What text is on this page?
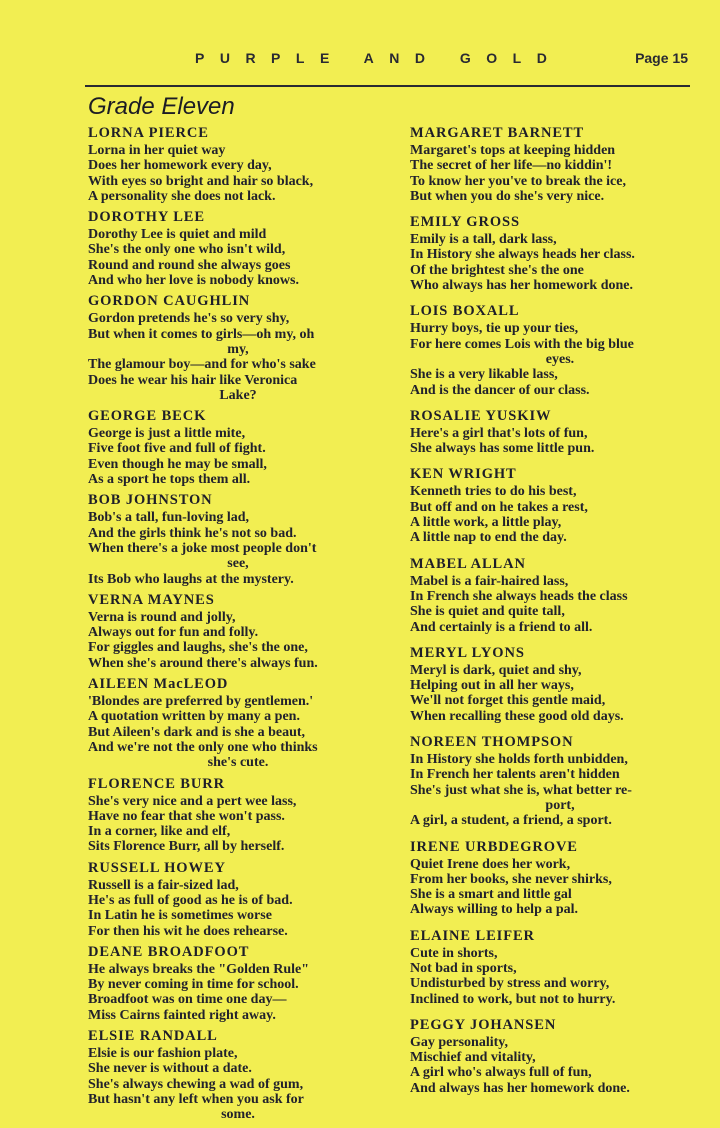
PURPLE AND GOLD	Page 15
Grade Eleven
LORNA PIERCE
Lorna in her quiet way
Does her homework every day,
With eyes so bright and hair so black,
A personality she does not lack.
DOROTHY LEE
Dorothy Lee is quiet and mild
She's the only one who isn't wild,
Round and round she always goes
And who her love is nobody knows.
GORDON CAUGHLIN
Gordon pretends he's so very shy,
But when it comes to girls—oh my, oh
my,
The glamour boy—and for who's sake
Does he wear his hair like Veronica
Lake?
GEORGE BECK
George is just a little mite,
Five foot five and full of fight.
Even though he may be small,
As a sport he tops them all.
BOB JOHNSTON
Bob's a tall, fun-loving lad,
And the girls think he's not so bad.
When there's a joke most people don't
see,
Its Bob who laughs at the mystery.
VERNA MAYNES
Verna is round and jolly,
Always out for fun and folly.
For giggles and laughs, she's the one,
When she's around there's always fun.
AILEEN MacLEOD
'Blondes are preferred by gentlemen.'
A quotation written by many a pen.
But Aileen's dark and is she a beaut,
And we're not the only one who thinks
she's cute.
FLORENCE BURR
She's very nice and a pert wee lass,
Have no fear that she won't pass.
In a corner, like and elf,
Sits Florence Burr, all by herself.
RUSSELL HOWEY
Russell is a fair-sized lad,
He's as full of good as he is of bad.
In Latin he is sometimes worse
For then his wit he does rehearse.
DEANE BROADFOOT
He always breaks the "Golden Rule"
By never coming in time for school.
Broadfoot was on time one day—
Miss Cairns fainted right away.
ELSIE RANDALL
Elsie is our fashion plate,
She never is without a date.
She's always chewing a wad of gum,
But hasn't any left when you ask for
some.
MARGARET BARNETT
Margaret's tops at keeping hidden
The secret of her life—no kiddin'!
To know her you've to break the ice,
But when you do she's very nice.
EMILY GROSS
Emily is a tall, dark lass,
In History she always heads her class.
Of the brightest she's the one
Who always has her homework done.
LOIS BOXALL
Hurry boys, tie up your ties,
For here comes Lois with the big blue
eyes.
She is a very likable lass,
And is the dancer of our class.
ROSALIE YUSKIW
Here's a girl that's lots of fun,
She always has some little pun.
KEN WRIGHT
Kenneth tries to do his best,
But off and on he takes a rest,
A little work, a little play,
A little nap to end the day.
MABEL ALLAN
Mabel is a fair-haired lass,
In French she always heads the class
She is quiet and quite tall,
And certainly is a friend to all.
MERYL LYONS
Meryl is dark, quiet and shy,
Helping out in all her ways,
We'll not forget this gentle maid,
When recalling these good old days.
NOREEN THOMPSON
In History she holds forth unbidden,
In French her talents aren't hidden
She's just what she is, what better re-
port,
A girl, a student, a friend, a sport.
IRENE URBDEGROVE
Quiet Irene does her work,
From her books, she never shirks,
She is a smart and little gal
Always willing to help a pal.
ELAINE LEIFER
Cute in shorts,
Not bad in sports,
Undisturbed by stress and worry,
Inclined to work, but not to hurry.
PEGGY JOHANSEN
Gay personality,
Mischief and vitality,
A girl who's always full of fun,
And always has her homework done.
